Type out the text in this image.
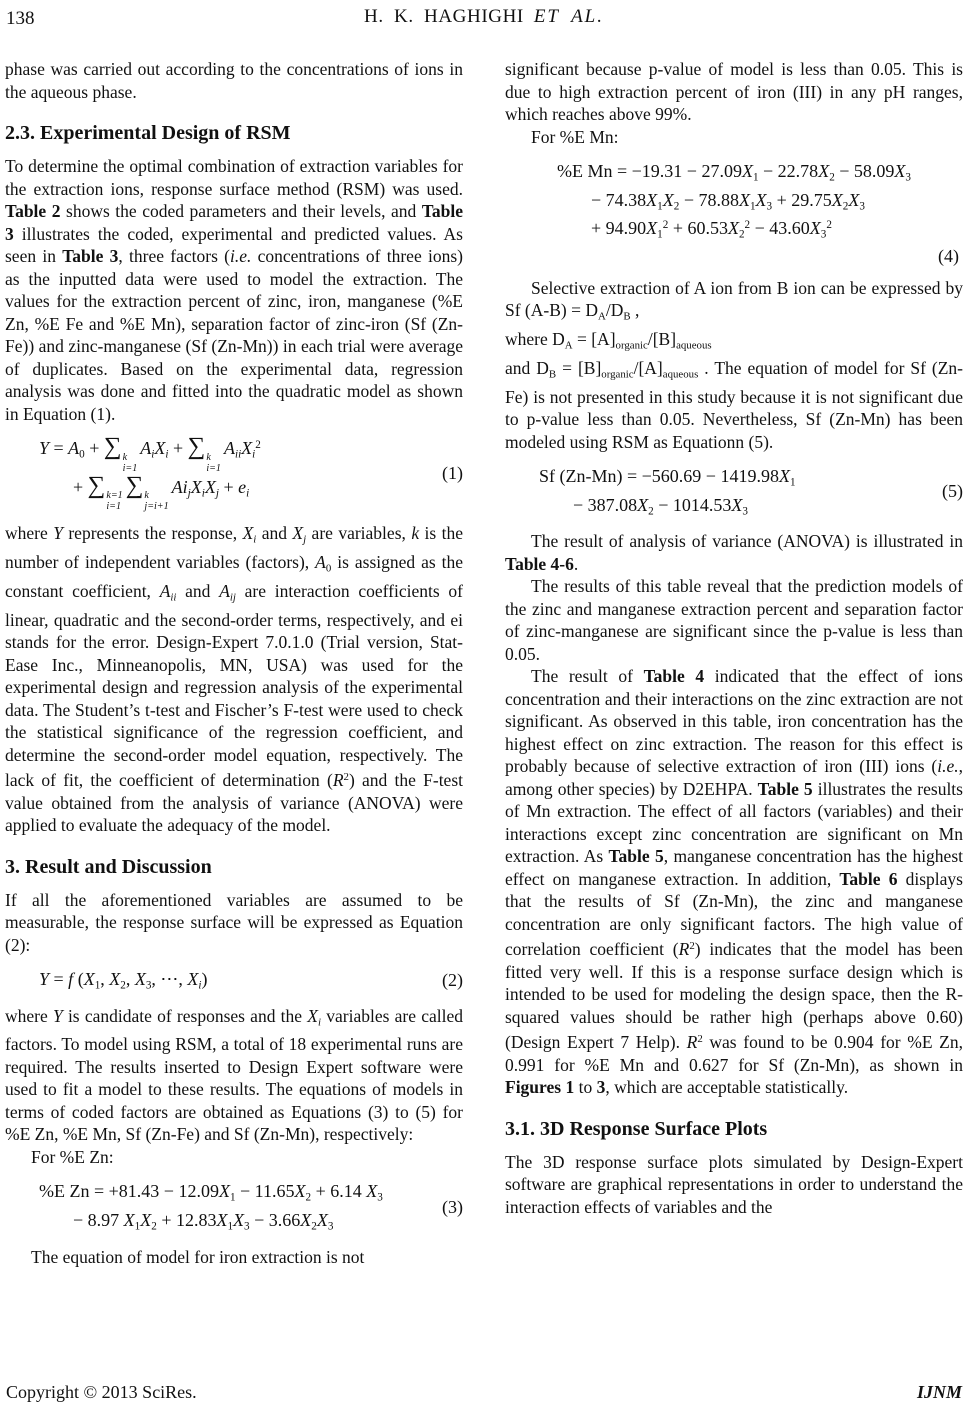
138	H. K. HAGHIGHI ET AL.
phase was carried out according to the concentrations of ions in the aqueous phase.
2.3. Experimental Design of RSM
To determine the optimal combination of extraction variables for the extraction ions, response surface method (RSM) was used. Table 2 shows the coded parameters and their levels, and Table 3 illustrates the coded, experimental and predicted values. As seen in Table 3, three factors (i.e. concentrations of three ions) as the inputted data were used to model the extraction. The values for the extraction percent of zinc, iron, manganese (%E Zn, %E Fe and %E Mn), separation factor of zinc-iron (Sf (Zn-Fe)) and zinc-manganese (Sf (Zn-Mn)) in each trial were average of duplicates. Based on the experimental data, regression analysis was done and fitted into the quadratic model as shown in Equation (1).
Y = A0 + ∑ k
i=1
AiXi + ∑ k
i=1
AiiXi$^2$
+ ∑ k=1
i=1
∑ k
j=i+1
AijXiXj + ei
(1)
where Y represents the response, Xi and Xj are variables, k is the number of independent variables (factors), A0 is assigned as the constant coefficient, Aii and Aij are interaction coefficients of linear, quadratic and the second-order terms, respectively, and ei stands for the error. Design-Expert 7.0.1.0 (Trial version, Stat-Ease Inc., Minneanopolis, MN, USA) was used for the experimental design and regression analysis of the experimental data. The Student’s t-test and Fischer’s F-test were used to check the statistical significance of the regression coefficient, and determine the second-order model equation, respectively. The lack of fit, the coefficient of determination $(R^2)$ and the F-test value obtained from the analysis of variance (ANOVA) were applied to evaluate the adequacy of the model.
3. Result and Discussion
If all the aforementioned variables are assumed to be measurable, the response surface will be expressed as Equation (2):
Y = f (X1, X2, X3, ⋯, Xi)	(2)
where Y is candidate of responses and the Xi variables are called factors. To model using RSM, a total of 18 experimental runs are required. The results inserted to Design Expert software were used to fit a model to these results. The equations of models in terms of coded factors are obtained as Equations (3) to (5) for %E Zn, %E Mn, Sf (Zn-Fe) and Sf (Zn-Mn), respectively:
For %E Zn:
%E Zn = +81.43 − 12.09X1 − 11.65X2 + 6.14 X3
− 8.97 X1X2 + 12.83X1X3 − 3.66X2X3
(3)
The equation of model for iron extraction is not
significant because p-value of model is less than 0.05. This is due to high extraction percent of iron (III) in any pH ranges, which reaches above 99%.
For %E Mn:
%E Mn = −19.31 − 27.09X1 − 22.78X2 − 58.09X3
− 74.38X1X2 − 78.88X1X3 + 29.75X2X3
+ $94.90X1^2 + 60.53X2^2 - 43.60X3^2$
(4)
Selective extraction of A ion from B ion can be expressed by Sf (A-B) = DA/DB ,
where DA = [A]organic/[B]aqueous
and DB = [B]organic/[A]aqueous . The equation of model for Sf (Zn-Fe) is not presented in this study because it is not significant due to p-value less than 0.05. Nevertheless, Sf (Zn-Mn) has been modeled using RSM as Equationn (5).
Sf (Zn-Mn) = −560.69 − 1419.98X1
− 387.08X2 − 1014.53X3
(5)
The result of analysis of variance (ANOVA) is illustrated in Table 4-6.
The results of this table reveal that the prediction models of the zinc and manganese extraction percent and separation factor of zinc-manganese are significant since the p-value is less than 0.05.
The result of Table 4 indicated that the effect of ions concentration and their interactions on the zinc extraction are not significant. As observed in this table, iron concentration has the highest effect on zinc extraction. The reason for this effect is probably because of selective extraction of iron (III) ions (i.e., among other species) by D2EHPA. Table 5 illustrates the results of Mn extraction. The effect of all factors (variables) and their interactions except zinc concentration are significant on Mn extraction. As Table 5, manganese concentration has the highest effect on manganese extraction. In addition, Table 6 displays that the results of Sf (Zn-Mn), the zinc and manganese concentration are only significant factors. The high value of correlation coefficient $(R^2)$ indicates that the model has been fitted very well. If this is a response surface design which is intended to be used for modeling the design space, then the R-squared values should be rather high (perhaps above 0.60) (Design Expert 7 Help). $R^2$ was found to be 0.904 for %E Zn, 0.991 for %E Mn and 0.627 for Sf (Zn-Mn), as shown in Figures 1 to 3, which are acceptable statistically.
3.1. 3D Response Surface Plots
The 3D response surface plots simulated by Design-Expert software are graphical representations in order to understand the interaction effects of variables and the
Copyright © 2013 SciRes.	IJNM
